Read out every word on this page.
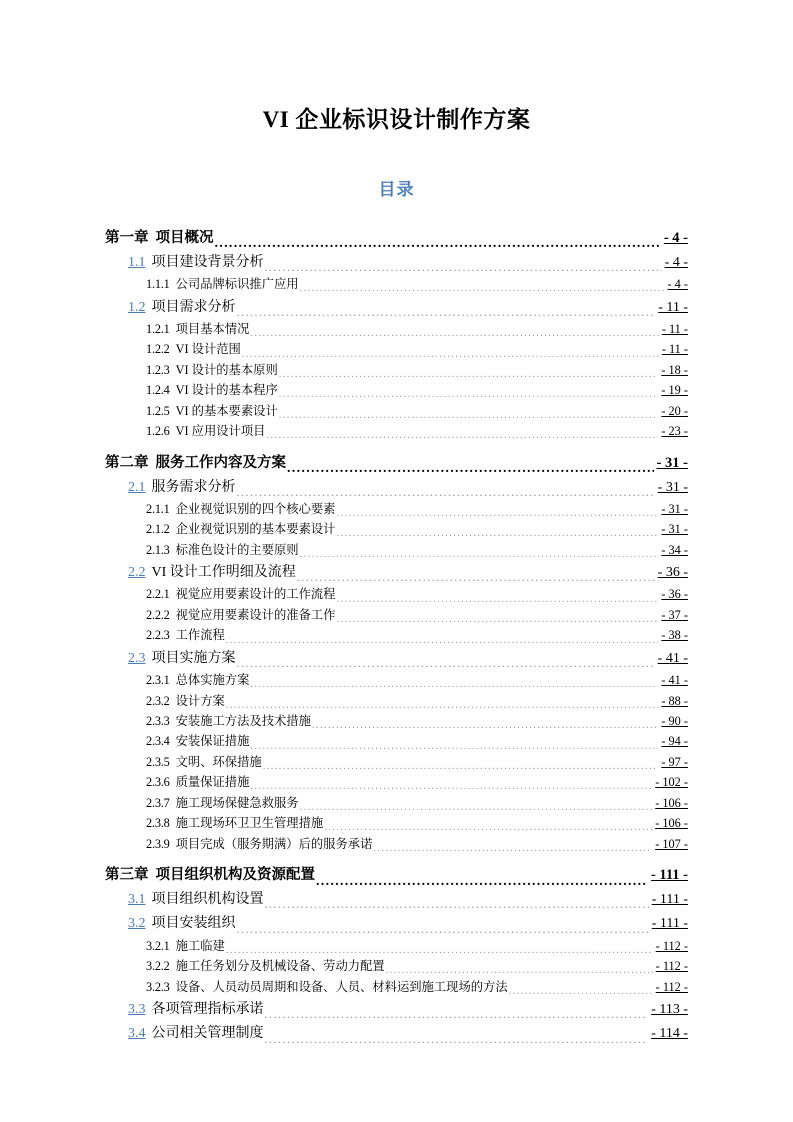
VI 企业标识设计制作方案
目录
第一章 项目概况 .....	- 4 -
1.1 项目建设背景分析 .....	- 4 -
1.1.1 公司品牌标识推广应用 .....	- 4 -
1.2 项目需求分析 .....	- 11 -
1.2.1 项目基本情况 .....	- 11 -
1.2.2 VI 设计范围 .....	- 11 -
1.2.3 VI 设计的基本原则 .....	- 18 -
1.2.4 VI 设计的基本程序 .....	- 19 -
1.2.5 VI 的基本要素设计 .....	- 20 -
1.2.6 VI 应用设计项目 .....	- 23 -
第二章 服务工作内容及方案 .....	- 31 -
2.1 服务需求分析 .....	- 31 -
2.1.1 企业视觉识别的四个核心要素 .....	- 31 -
2.1.2 企业视觉识别的基本要素设计 .....	- 31 -
2.1.3 标准色设计的主要原则 .....	- 34 -
2.2 VI 设计工作明细及流程 .....	- 36 -
2.2.1 视觉应用要素设计的工作流程 .....	- 36 -
2.2.2 视觉应用要素设计的准备工作 .....	- 37 -
2.2.3 工作流程 .....	- 38 -
2.3 项目实施方案 .....	- 41 -
2.3.1 总体实施方案 .....	- 41 -
2.3.2 设计方案 .....	- 88 -
2.3.3 安装施工方法及技术措施 .....	- 90 -
2.3.4 安装保证措施 .....	- 94 -
2.3.5 文明、环保措施 .....	- 97 -
2.3.6 质量保证措施 .....	- 102 -
2.3.7 施工现场保健急救服务 .....	- 106 -
2.3.8 施工现场环卫卫生管理措施 .....	- 106 -
2.3.9 项目完成（服务期满）后的服务承诺 .....	- 107 -
第三章 项目组织机构及资源配置 .....	- 111 -
3.1 项目组织机构设置 .....	- 111 -
3.2 项目安装组织 .....	- 111 -
3.2.1 施工临建 .....	- 112 -
3.2.2 施工任务划分及机械设备、劳动力配置 .....	- 112 -
3.2.3 设备、人员动员周期和设备、人员、材料运到施工现场的方法 .....	- 112 -
3.3 各项管理指标承诺 .....	- 113 -
3.4 公司相关管理制度 .....	- 114 -
